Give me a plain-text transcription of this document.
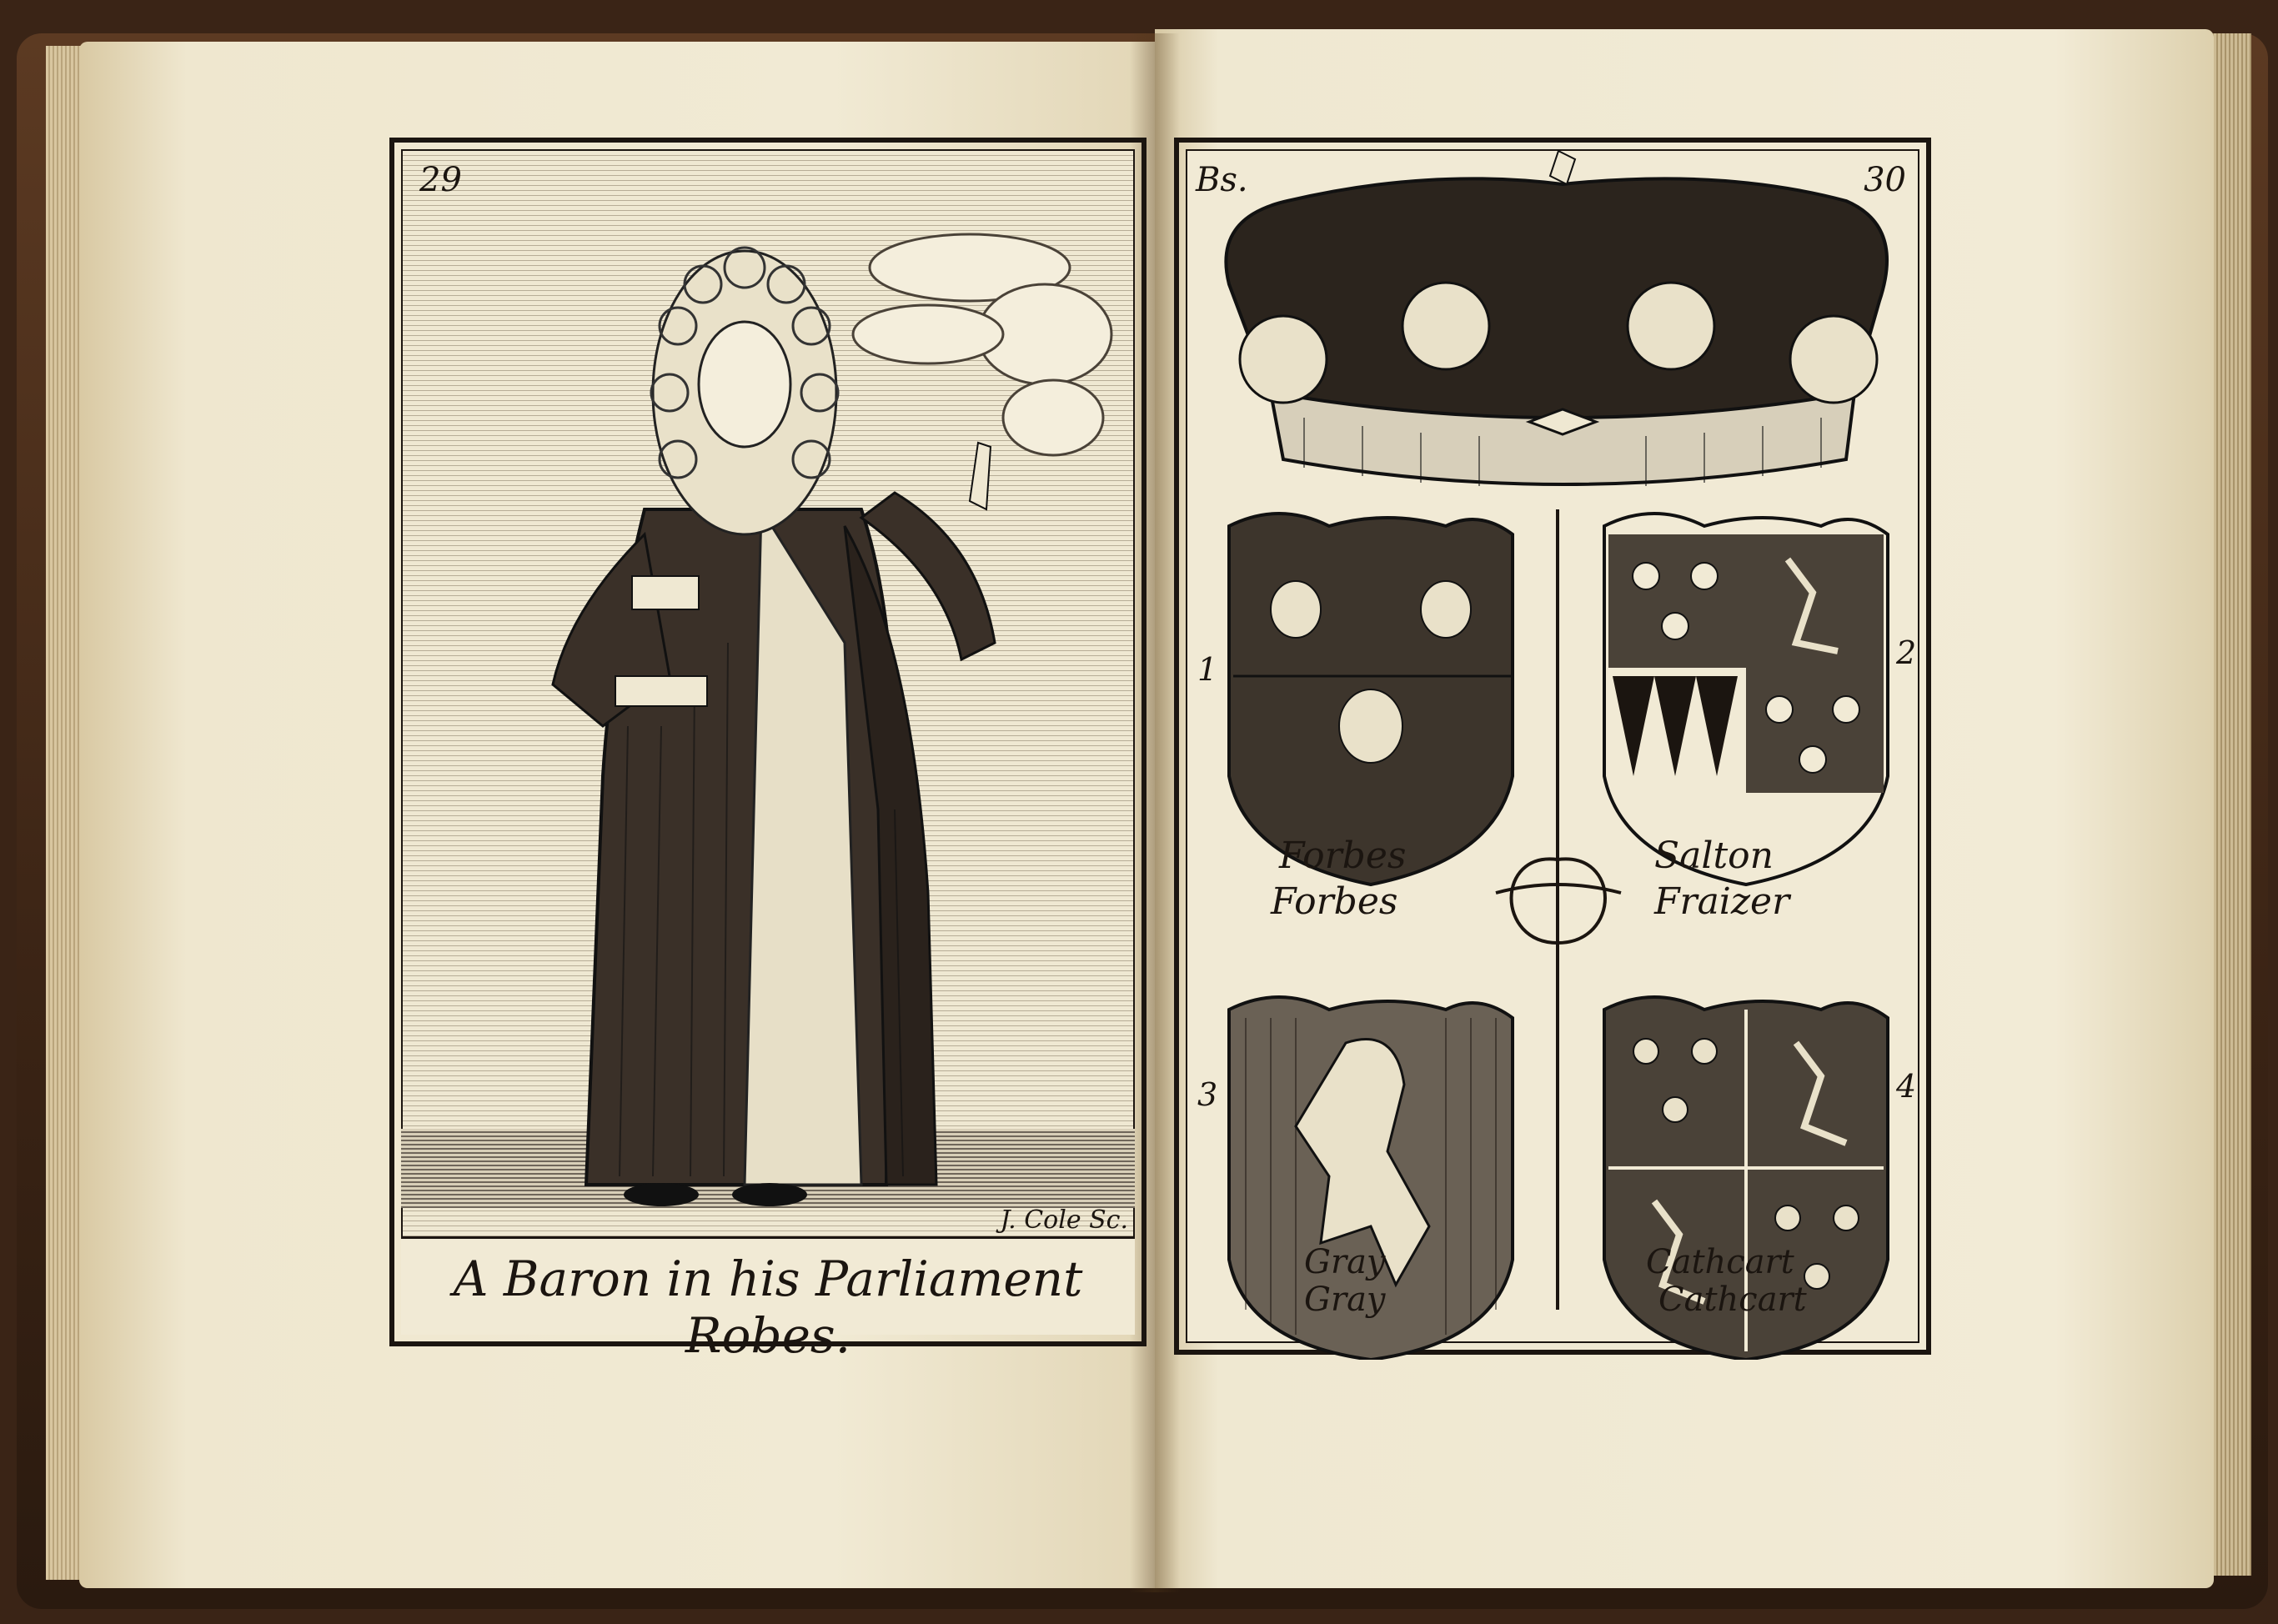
29
J. Cole Sc.
A Baron in his Parliament Robes.
Bs.	30
1	2
3	4
Forbes
Forbes
Salton
Fraizer
Gray
Gray
Cathcart
Cathcart
